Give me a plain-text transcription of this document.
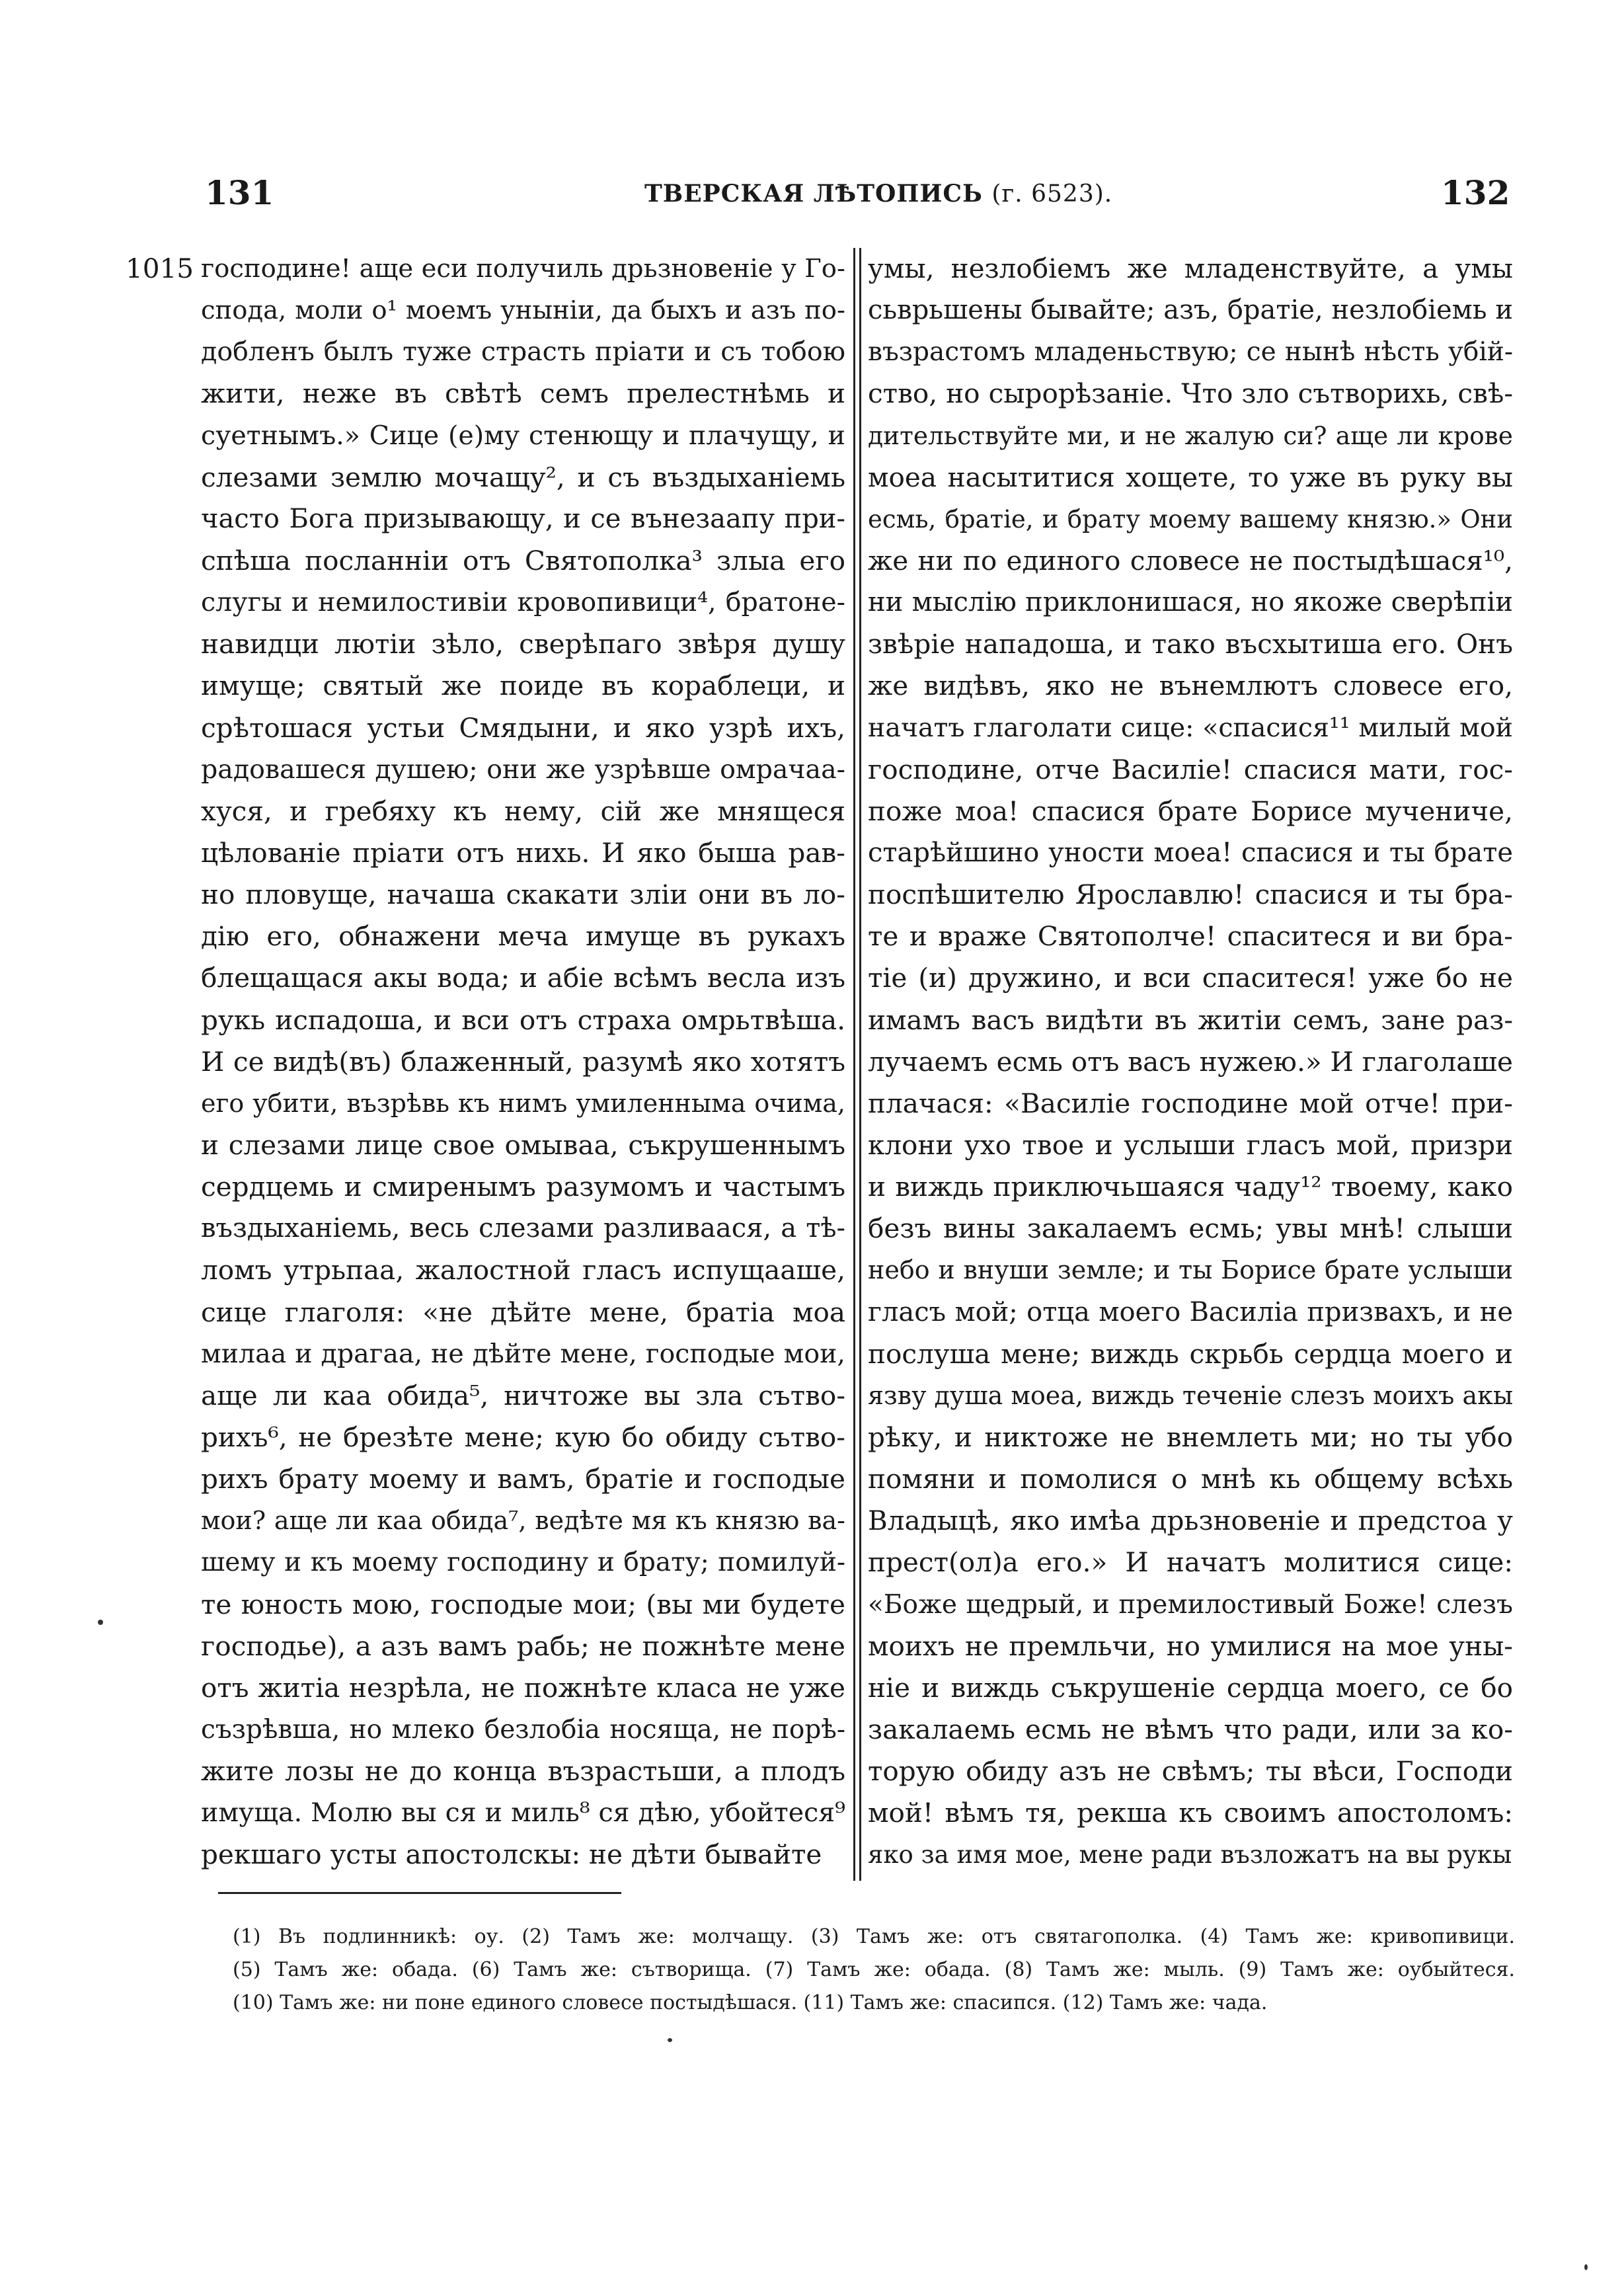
131	ТВЕРСКАЯ ЛѢТОПИСЬ (г. 6523).	132
1015 господине! аще еси получиль дрьзновеніе у Го-
спода, моли о¹ моемъ уныніи, да быхъ и азъ по-
добленъ былъ туже страсть пріати и съ тобою
жити, неже въ свѣтѣ семъ прелестнѣмь и
суетнымъ.» Сице (е)му стенющу и плачущу, и
слезами землю мочащу², и съ въздыханіемь
часто Бога призывающу, и се вънезаапу при-
спѣша посланніи отъ Святополка³ злыа его
слугы и немилостивіи кровопивици⁴, братоне-
навидци лютіи зѣло, сверѣпаго звѣря душу
имуще; святый же поиде въ кораблеци, и
срѣтошася устьи Смядыни, и яко узрѣ ихъ,
радовашеся душею; они же узрѣвше омрачаа-
хуся, и гребяху къ нему, сій же мнящеся
цѣлованіе пріати отъ нихь. И яко быша рав-
но пловуще, начаша скакати зліи они въ ло-
дію его, обнажени меча имуще въ рукахъ
блещащася акы вода; и абіе всѣмъ весла изъ
рукь испадоша, и вси отъ страха омрьтвѣша.
И се видѣ(въ) блаженный, разумѣ яко хотятъ
его убити, възрѣвь къ нимъ умиленныма очима,
и слезами лице свое омываа, съкрушеннымъ
сердцемь и смиренымъ разумомъ и частымъ
въздыханіемь, весь слезами разливаася, а тѣ-
ломъ утрьпаа, жалостной гласъ испущааше,
сице глаголя: «не дѣйте мене, братіа моа
милаа и драгаа, не дѣйте мене, господые мои,
аще ли каа обида⁵, ничтоже вы зла сътво-
рихъ⁶, не брезѣте мене; кую бо обиду сътво-
рихъ брату моему и вамъ, братіе и господые
мои? аще ли каа обида⁷, ведѣте мя къ князю ва-
шему и къ моему господину и брату; помилуй-
те юность мою, господые мои; (вы ми будете
господье), а азъ вамъ рабь; не пожнѣте мене
отъ житіа незрѣла, не пожнѣте класа не уже
съзрѣвша, но млеко безлобіа носяща, не порѣ-
жите лозы не до конца възрастьши, а плодъ
имуща. Молю вы ся и миль⁸ ся дѣю, убойтеся⁹
рекшаго усты апостолскы: не дѣти бывайте
умы, незлобіемъ же младенствуйте, а умы
сьврьшены бывайте; азъ, братіе, незлобіемь и
възрастомъ младеньствую; се нынѣ нѣсть убій-
ство, но сырорѣзаніе. Что зло сътворихь, свѣ-
дительствуйте ми, и не жалую си? аще ли крове
моеа насытитися хощете, то уже въ руку вы
есмь, братіе, и брату моему вашему князю.» Они
же ни по единого словесе не постыдѣшася¹⁰,
ни мыслію приклонишася, но якоже сверѣпіи
звѣріе нападоша, и тако въсхытиша его. Онъ
же видѣвъ, яко не вънемлютъ словесе его,
начатъ глаголати сице: «спасися¹¹ милый мой
господине, отче Василіе! спасися мати, гос-
поже моа! спасися брате Борисе мучениче,
старѣйшино уности моеа! спасися и ты брате
поспѣшителю Ярославлю! спасися и ты бра-
те и враже Святополче! спаситеся и ви бра-
тіе (и) дружино, и вси спаситеся! уже бо не
имамъ васъ видѣти въ житіи семъ, зане раз-
лучаемъ есмь отъ васъ нужею.» И глаголаше
плачася: «Василіе господине мой отче! при-
клони ухо твое и услыши гласъ мой, призри
и виждь приключьшаяся чаду¹² твоему, како
безъ вины закалаемъ есмь; увы мнѣ! слыши
небо и внуши земле; и ты Борисе брате услыши
гласъ мой; отца моего Василіа призвахъ, и не
послуша мене; виждь скрьбь сердца моего и
язву душа моеа, виждь теченіе слезъ моихъ акы
рѣку, и никтоже не внемлеть ми; но ты убо
помяни и помолися о мнѣ кь общему всѣхь
Владыцѣ, яко имѣа дрьзновеніе и предстоа у
прест(ол)а его.» И начатъ молитися сице:
«Боже щедрый, и премилостивый Боже! слезъ
моихъ не премльчи, но умилися на мое уны-
ніе и виждь съкрушеніе сердца моего, се бо
закалаемь есмь не вѣмъ что ради, или за ко-
торую обиду азъ не свѣмъ; ты вѣси, Господи
мой! вѣмъ тя, рекша къ своимъ апостоломъ:
яко за имя мое, мене ради възложатъ на вы рукы
(1) Въ подлинникѣ: оу. (2) Тамъ же: молчащу. (3) Тамъ же: отъ святагополка. (4) Тамъ же: кривопивици.
(5) Тамъ же: обада. (6) Тамъ же: сътворища. (7) Тамъ же: обада. (8) Тамъ же: мыль. (9) Тамъ же: оубыйтеся.
(10) Тамъ же: ни поне единого словесе постыдѣшася. (11) Тамъ же: спасипся. (12) Тамъ же: чада.
